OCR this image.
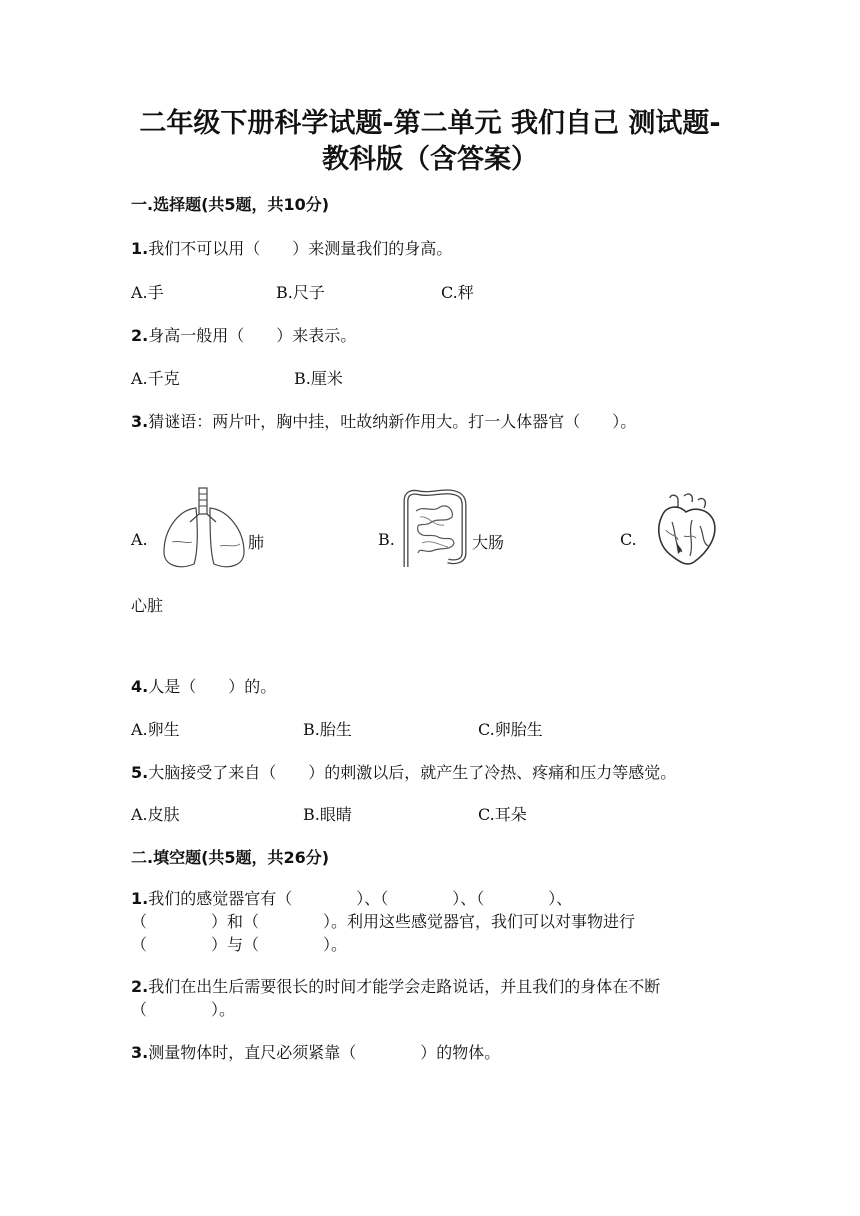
二年级下册科学试题-第二单元 我们自己 测试题-
教科版（含答案）
一.选择题(共5题，共10分)
1.我们不可以用（　　）来测量我们的身高。
A.手	B.尺子	C.秤
2.身高一般用（　　）来表示。
A.千克	B.厘米
3.猜谜语：两片叶，胸中挂，吐故纳新作用大。打一人体器官（　　）。
A.	肺	B.	大肠	C.
心脏
4.人是（　　）的。
A.卵生	B.胎生	C.卵胎生
5.大脑接受了来自（　　）的刺激以后，就产生了冷热、疼痛和压力等感觉。
A.皮肤	B.眼睛	C.耳朵
二.填空题(共5题，共26分)
1.我们的感觉器官有（　　　　）、（　　　　）、（　　　　）、
（　　　　）和（　　　　）。利用这些感觉器官，我们可以对事物进行
（　　　　）与（　　　　）。
2.我们在出生后需要很长的时间才能学会走路说话，并且我们的身体在不断
（　　　　）。
3.测量物体时，直尺必须紧靠（　　　　）的物体。
